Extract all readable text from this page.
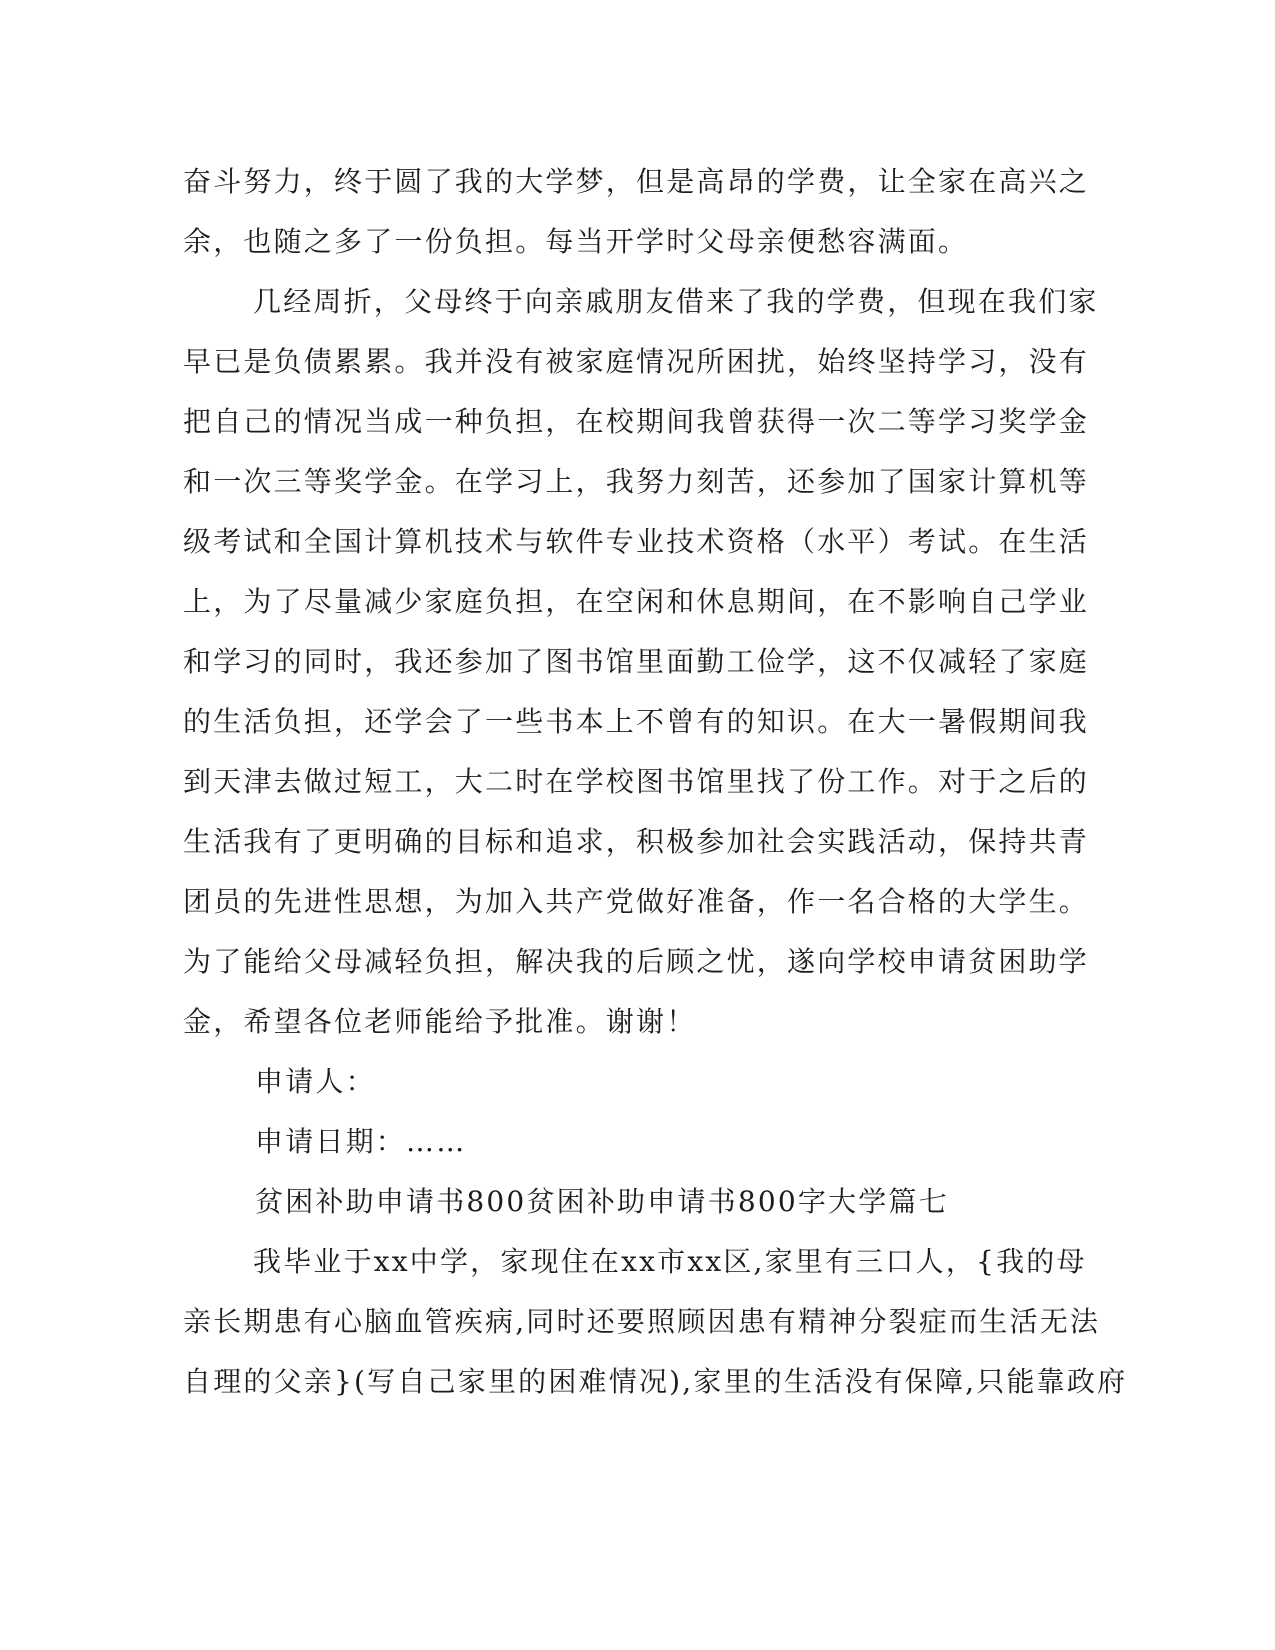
奋斗努力，终于圆了我的大学梦，但是高昂的学费，让全家在高兴之
余，也随之多了一份负担。每当开学时父母亲便愁容满面。
几经周折，父母终于向亲戚朋友借来了我的学费，但现在我们家
早已是负债累累。我并没有被家庭情况所困扰，始终坚持学习，没有
把自己的情况当成一种负担，在校期间我曾获得一次二等学习奖学金
和一次三等奖学金。在学习上，我努力刻苦，还参加了国家计算机等
级考试和全国计算机技术与软件专业技术资格（水平）考试。在生活
上，为了尽量减少家庭负担，在空闲和休息期间，在不影响自己学业
和学习的同时，我还参加了图书馆里面勤工俭学，这不仅减轻了家庭
的生活负担，还学会了一些书本上不曾有的知识。在大一暑假期间我
到天津去做过短工，大二时在学校图书馆里找了份工作。对于之后的
生活我有了更明确的目标和追求，积极参加社会实践活动，保持共青
团员的先进性思想，为加入共产党做好准备，作一名合格的大学生。
为了能给父母减轻负担，解决我的后顾之忧，遂向学校申请贫困助学
金，希望各位老师能给予批准。谢谢！
申请人：
申请日期：……
贫困补助申请书800贫困补助申请书800字大学篇七
我毕业于xx中学，家现住在xx市xx区,家里有三口人，{我的母
亲长期患有心脑血管疾病,同时还要照顾因患有精神分裂症而生活无法
自理的父亲}(写自己家里的困难情况),家里的生活没有保障,只能靠政府
